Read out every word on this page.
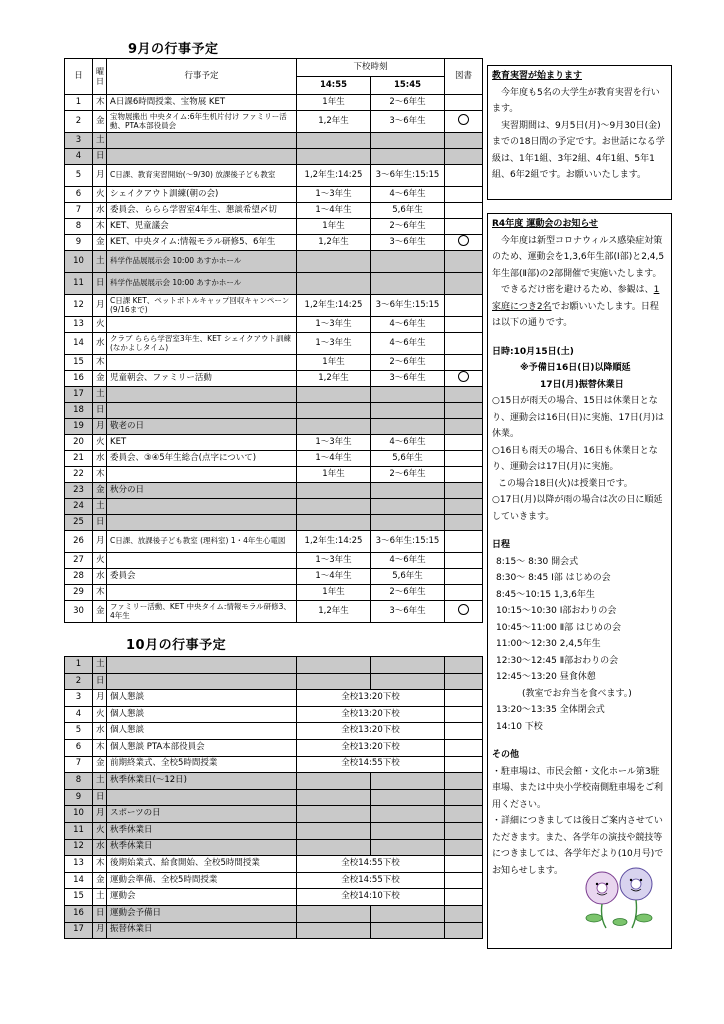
9月の行事予定
日	曜日	行事予定	下校時刻		図書
			14:55	15:45	
1	木	A日課6時間授業、宝物展 KET	1年生	2～6年生	
2	金	宝物展搬出 中央タイム:6年生机片付け ファミリー活動、PTA本部役員会	1,2年生	3～6年生	
3	土				
4	日				
5	月	C日課、教育実習開始(～9/30) 放課後子ども教室	1,2年生:14:25	3～6年生:15:15	
6	火	シェイクアウト訓練(朝の会)	1～3年生	4～6年生	
7	水	委員会、ららら学習室4年生、懇談希望〆切	1～4年生	5,6年生	
8	木	KET、児童議会	1年生	2～6年生	
9	金	KET、中央タイム:情報モラル研修5、6年生	1,2年生	3～6年生	
10	土	科学作品展展示会 10:00 あすかホール			
11	日	科学作品展展示会 10:00 あすかホール			
12	月	C日課 KET、ペットボトルキャップ回収キャンペーン(9/16まで)	1,2年生:14:25	3～6年生:15:15	
13	火		1～3年生	4～6年生	
14	水	クラブ ららら学習室3年生、KET シェイクアウト訓練(なかよしタイム)	1～3年生	4～6年生	
15	木		1年生	2～6年生	
16	金	児童朝会、ファミリー活動	1,2年生	3～6年生	
17	土				
18	日				
19	月	敬老の日			
20	火	KET	1～3年生	4～6年生	
21	水	委員会、③④5年生総合(点字について)	1～4年生	5,6年生	
22	木		1年生	2～6年生	
23	金	秋分の日			
24	土				
25	日				
26	月	C日課、放課後子ども教室 (理科室) 1・4年生心電図	1,2年生:14:25	3～6年生:15:15	
27	火		1～3年生	4～6年生	
28	水	委員会	1～4年生	5,6年生	
29	木		1年生	2～6年生	
30	金	ファミリー活動、KET 中央タイム:情報モラル研修3、4年生	1,2年生	3～6年生	
10月の行事予定
1	土				
2	日				
3	月	個人懇談	全校13:20下校		
4	火	個人懇談	全校13:20下校		
5	水	個人懇談	全校13:20下校		
6	木	個人懇談 PTA本部役員会	全校13:20下校		
7	金	前期終業式、全校5時間授業	全校14:55下校		
8	土	秋季休業日(～12日)			
9	日				
10	月	スポーツの日			
11	火	秋季休業日			
12	水	秋季休業日			
13	木	後期始業式、給食開始、全校5時間授業	全校14:55下校		
14	金	運動会準備、全校5時間授業	全校14:55下校		
15	土	運動会	全校14:10下校		
16	日	運動会予備日			
17	月	振替休業日			
教育実習が始まります

今年度も5名の大学生が教育実習を行います。

実習期間は、9月5日(月)～9月30日(金)までの18日間の予定です。お世話になる学級は、1年1組、3年2組、4年1組、5年1組、6年2組です。お願いいたします。

R4年度 運動会のお知らせ

今年度は新型コロナウィルス感染症対策のため、運動会を1,3,6年生部(Ⅰ部)と2,4,5年生部(Ⅱ部)の2部開催で実施いたします。

できるだけ密を避けるため、参観は、1家庭につき2名でお願いいたします。日程は以下の通りです。

日時:10月15日(土)
※予備日16日(日)以降順延
17日(月)振替休業日

○15日が雨天の場合、15日は休業日となり、運動会は16日(日)に実施、17日(月)は休業。

○16日も雨天の場合、16日も休業日となり、運動会は17日(月)に実施。

この場合18日(火)は授業日です。

○17日(月)以降が雨の場合は次の日に順延していきます。

日程
8:15～ 8:30 開会式
8:30～ 8:45 Ⅰ部 はじめの会
8:45～10:15 1,3,6年生
10:15～10:30 Ⅰ部おわりの会
10:45～11:00 Ⅱ部 はじめの会
11:00～12:30 2,4,5年生
12:30～12:45 Ⅱ部おわりの会
12:45～13:20 昼食休憩
(教室でお弁当を食べます。)
13:20～13:35 全体閉会式
14:10 下校
その他

・駐車場は、市民会館・文化ホール第3駐車場、または中央小学校南側駐車場をご利用ください。

・詳細につきましては後日ご案内させていただきます。また、各学年の演技や競技等につきましては、各学年だより(10月号)でお知らせします。
